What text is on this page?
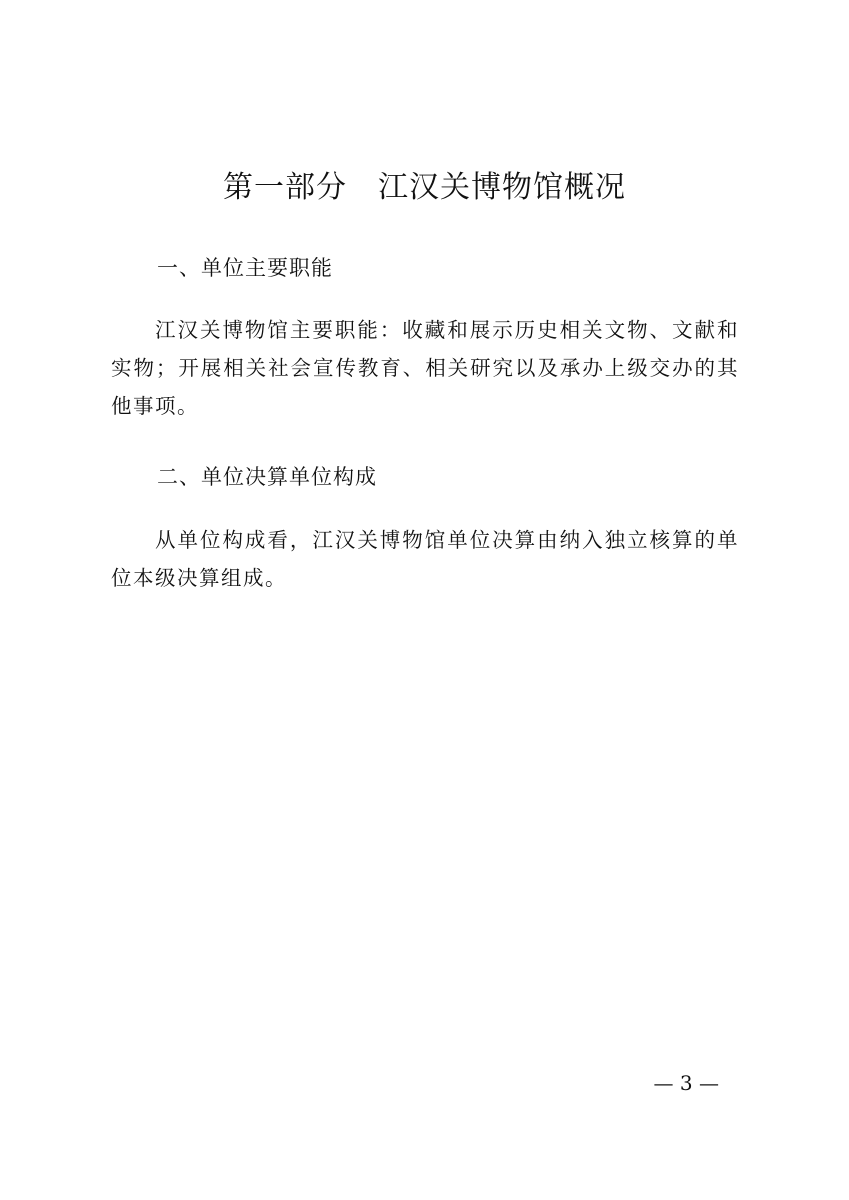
第一部分　江汉关博物馆概况
一、单位主要职能
江汉关博物馆主要职能：收藏和展示历史相关文物、文献和实物；开展相关社会宣传教育、相关研究以及承办上级交办的其他事项。
二、单位决算单位构成
从单位构成看，江汉关博物馆单位决算由纳入独立核算的单位本级决算组成。
— 3 —
